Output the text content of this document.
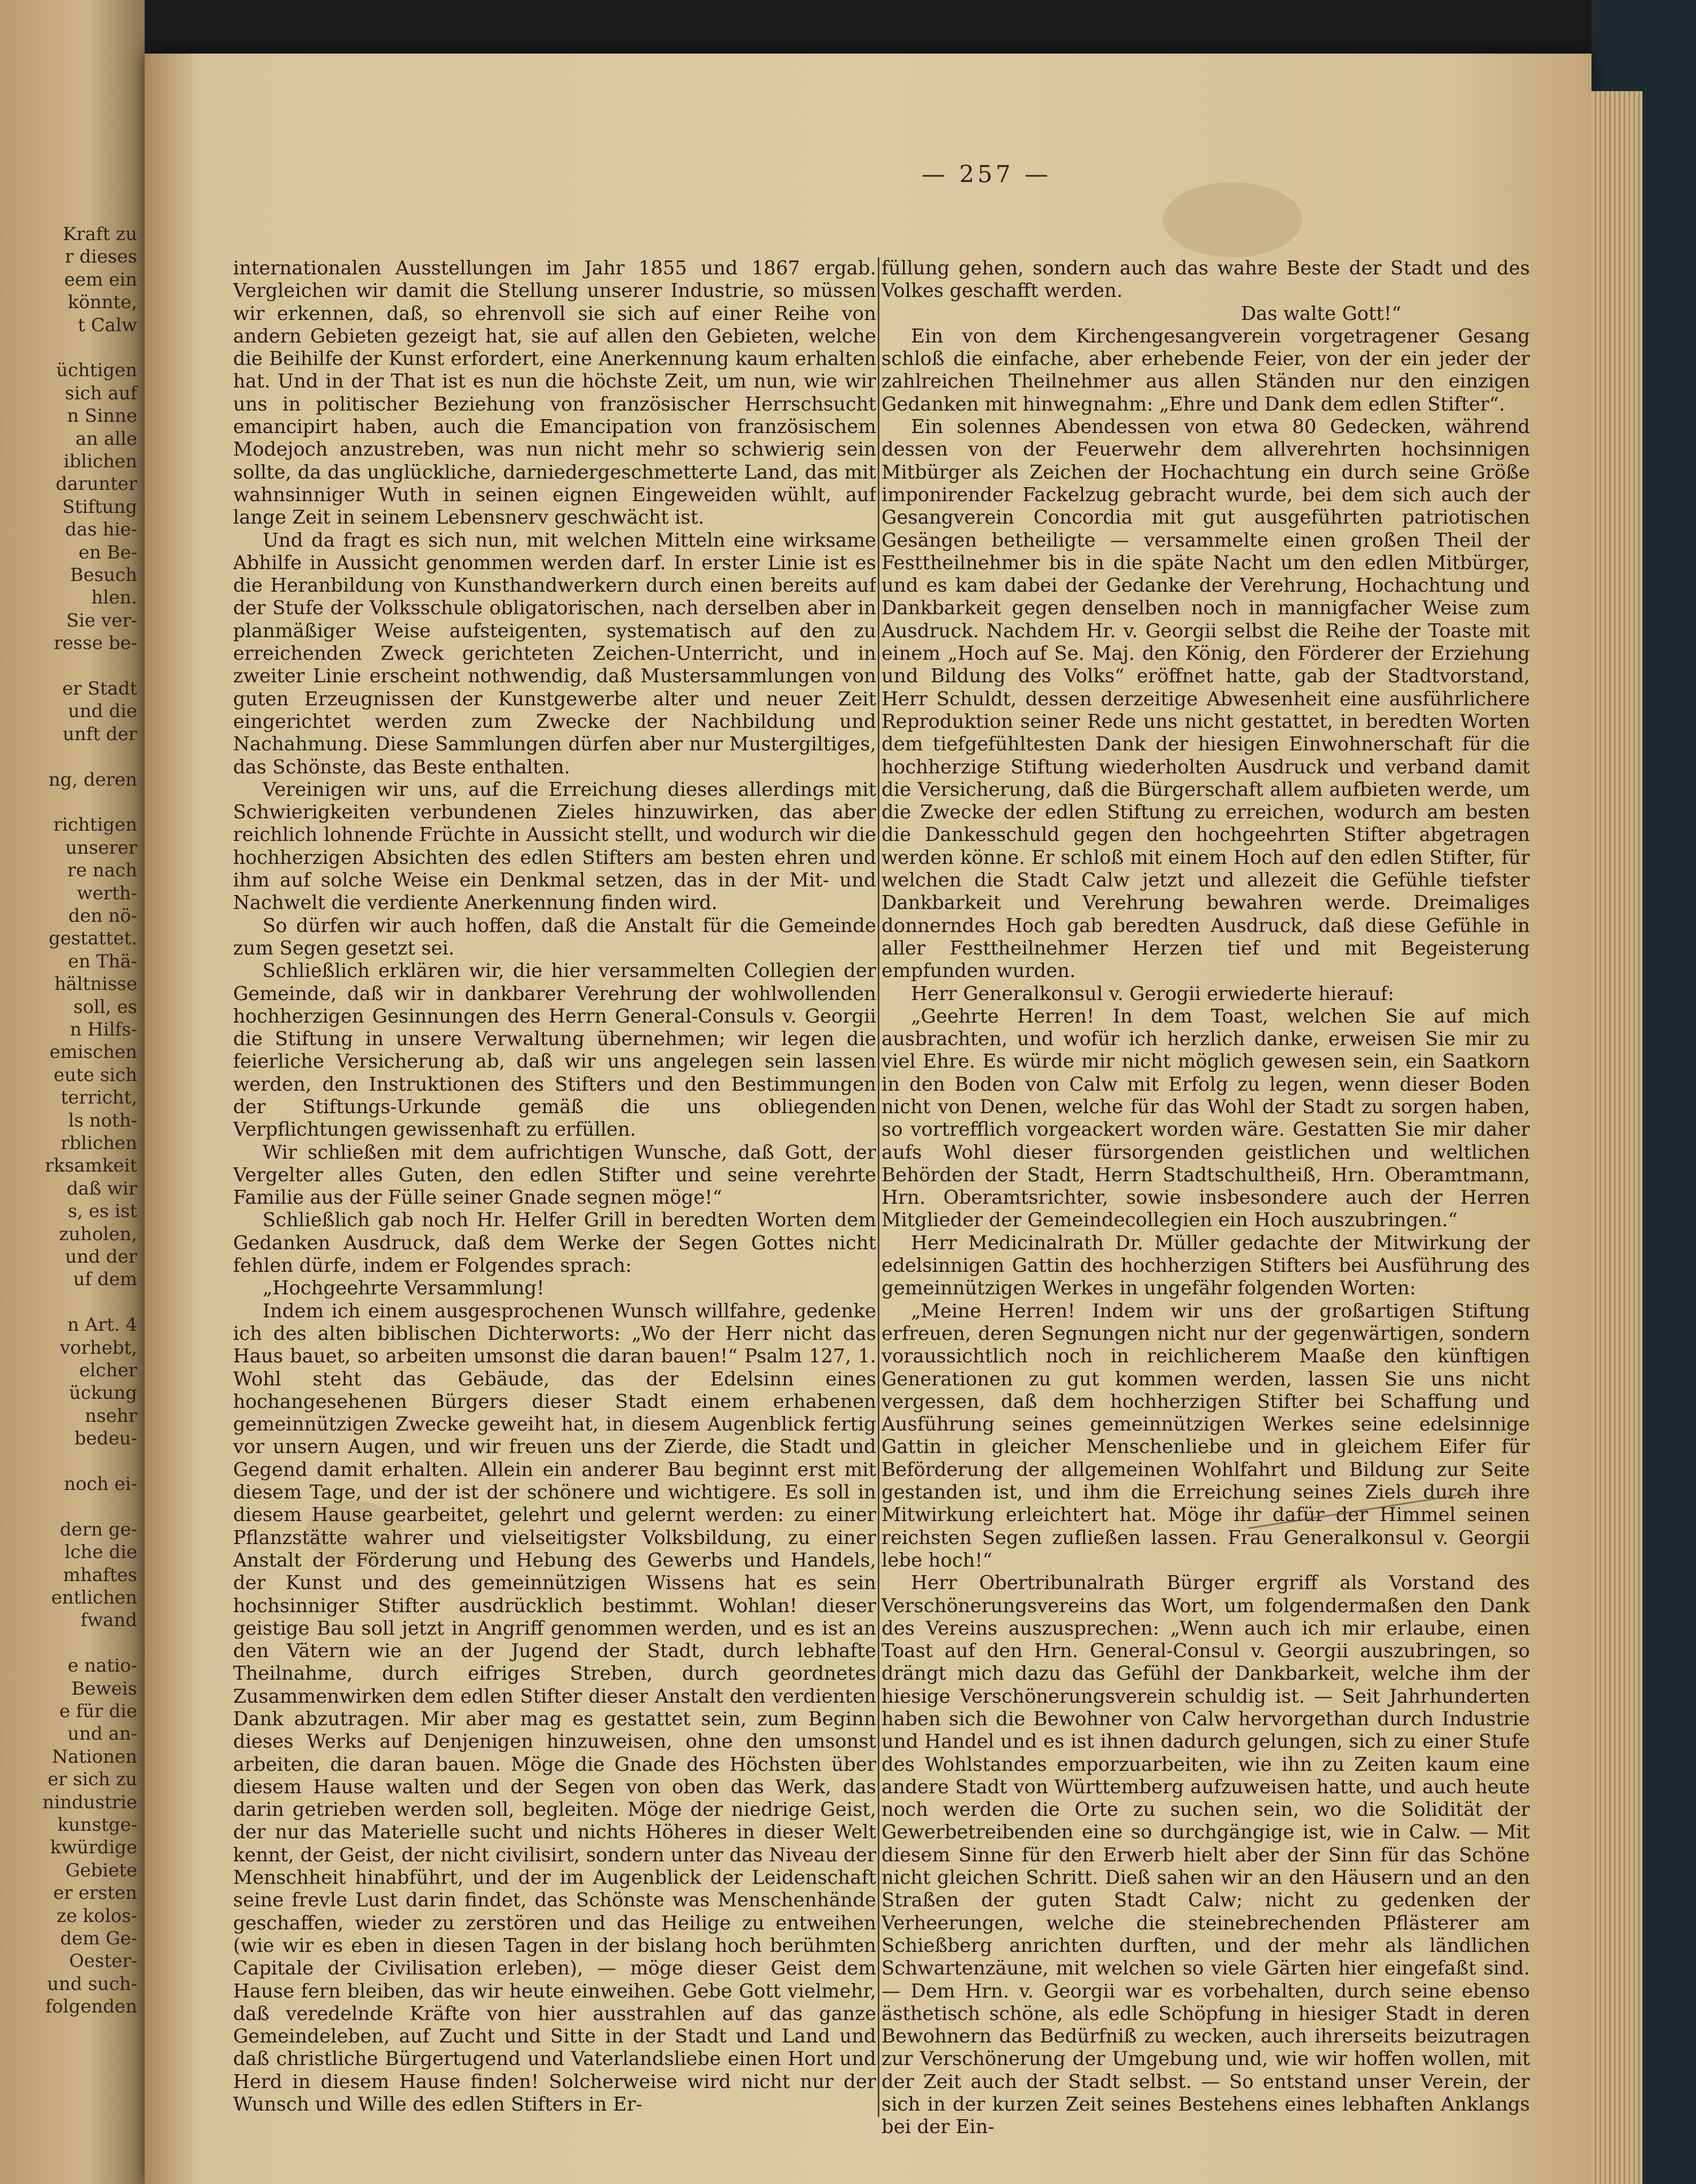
Kraft zu
r dieses
eem ein
könnte,
t Calw
üchtigen
sich auf
n Sinne
an alle
iblichen
darunter
Stiftung
das hie-
en Be-
Besuch
hlen.
Sie ver-
resse be-
er Stadt
und die
unft der
ng, deren
richtigen
unserer
re nach
werth-
den nö-
gestattet.
en Thä-
hältnisse
soll, es
n Hilfs-
emischen
eute sich
terricht,
ls noth-
rblichen
rksamkeit
daß wir
s, es ist
zuholen,
und der
uf dem
n Art. 4
vorhebt,
elcher
ückung
nsehr
bedeu-
noch ei-
dern ge-
lche die
mhaftes
entlichen
fwand
e natio-
Beweis
e für die
und an-
Nationen
er sich zu
nindustrie
kunstge-
kwürdige
Gebiete
er ersten
ze kolos-
dem Ge-
Oester-
und such-
folgenden
— 257 —

internationalen Ausstellungen im Jahr 1855 und 1867 ergab. Vergleichen wir damit die Stellung unserer Industrie, so müssen wir erkennen, daß, so ehrenvoll sie sich auf einer Reihe von andern Gebieten gezeigt hat, sie auf allen den Gebieten, welche die Beihilfe der Kunst erfordert, eine Anerkennung kaum erhalten hat. Und in der That ist es nun die höchste Zeit, um nun, wie wir uns in politischer Beziehung von französischer Herrschsucht emancipirt haben, auch die Emancipation von französischem Modejoch anzustreben, was nun nicht mehr so schwierig sein sollte, da das unglückliche, darniedergeschmetterte Land, das mit wahnsinniger Wuth in seinen eignen Eingeweiden wühlt, auf lange Zeit in seinem Lebensnerv geschwächt ist.

Und da fragt es sich nun, mit welchen Mitteln eine wirksame Abhilfe in Aussicht genommen werden darf. In erster Linie ist es die Heranbildung von Kunsthandwerkern durch einen bereits auf der Stufe der Volksschule obligatorischen, nach derselben aber in planmäßiger Weise aufsteigenten, systematisch auf den zu erreichenden Zweck gerichteten Zeichen-Unterricht, und in zweiter Linie erscheint nothwendig, daß Mustersammlungen von guten Erzeugnissen der Kunstgewerbe alter und neuer Zeit eingerichtet werden zum Zwecke der Nachbildung und Nachahmung. Diese Sammlungen dürfen aber nur Mustergiltiges, das Schönste, das Beste enthalten.

Vereinigen wir uns, auf die Erreichung dieses allerdings mit Schwierigkeiten verbundenen Zieles hinzuwirken, das aber reichlich lohnende Früchte in Aussicht stellt, und wodurch wir die hochherzigen Absichten des edlen Stifters am besten ehren und ihm auf solche Weise ein Denkmal setzen, das in der Mit- und Nachwelt die verdiente Anerkennung finden wird.

So dürfen wir auch hoffen, daß die Anstalt für die Gemeinde zum Segen gesetzt sei.

Schließlich erklären wir, die hier versammelten Collegien der Gemeinde, daß wir in dankbarer Verehrung der wohlwollenden hochherzigen Gesinnungen des Herrn General-Consuls v. Georgii die Stiftung in unsere Verwaltung übernehmen; wir legen die feierliche Versicherung ab, daß wir uns angelegen sein lassen werden, den Instruktionen des Stifters und den Bestimmungen der Stiftungs-Urkunde gemäß die uns obliegenden Verpflichtungen gewissenhaft zu erfüllen.

Wir schließen mit dem aufrichtigen Wunsche, daß Gott, der Vergelter alles Guten, den edlen Stifter und seine verehrte Familie aus der Fülle seiner Gnade segnen möge!“

Schließlich gab noch Hr. Helfer Grill in beredten Worten dem Gedanken Ausdruck, daß dem Werke der Segen Gottes nicht fehlen dürfe, indem er Folgendes sprach:

„Hochgeehrte Versammlung!

Indem ich einem ausgesprochenen Wunsch willfahre, gedenke ich des alten biblischen Dichterworts: „Wo der Herr nicht das Haus bauet, so arbeiten umsonst die daran bauen!“ Psalm 127, 1. Wohl steht das Gebäude, das der Edelsinn eines hochangesehenen Bürgers dieser Stadt einem erhabenen gemeinnützigen Zwecke geweiht hat, in diesem Augenblick fertig vor unsern Augen, und wir freuen uns der Zierde, die Stadt und Gegend damit erhalten. Allein ein anderer Bau beginnt erst mit diesem Tage, und der ist der schönere und wichtigere. Es soll in diesem Hause gearbeitet, gelehrt und gelernt werden: zu einer Pflanzstätte wahrer und vielseitigster Volksbildung, zu einer Anstalt der Förderung und Hebung des Gewerbs und Handels, der Kunst und des gemeinnützigen Wissens hat es sein hochsinniger Stifter ausdrücklich bestimmt. Wohlan! dieser geistige Bau soll jetzt in Angriff genommen werden, und es ist an den Vätern wie an der Jugend der Stadt, durch lebhafte Theilnahme, durch eifriges Streben, durch geordnetes Zusammenwirken dem edlen Stifter dieser Anstalt den verdienten Dank abzutragen. Mir aber mag es gestattet sein, zum Beginn dieses Werks auf Denjenigen hinzuweisen, ohne den umsonst arbeiten, die daran bauen. Möge die Gnade des Höchsten über diesem Hause walten und der Segen von oben das Werk, das darin getrieben werden soll, begleiten. Möge der niedrige Geist, der nur das Materielle sucht und nichts Höheres in dieser Welt kennt, der Geist, der nicht civilisirt, sondern unter das Niveau der Menschheit hinabführt, und der im Augenblick der Leidenschaft seine frevle Lust darin findet, das Schönste was Menschenhände geschaffen, wieder zu zerstören und das Heilige zu entweihen (wie wir es eben in diesen Tagen in der bislang hoch berühmten Capitale der Civilisation erleben), — möge dieser Geist dem Hause fern bleiben, das wir heute einweihen. Gebe Gott vielmehr, daß veredelnde Kräfte von hier ausstrahlen auf das ganze Gemeindeleben, auf Zucht und Sitte in der Stadt und Land und daß christliche Bürgertugend und Vaterlandsliebe einen Hort und Herd in diesem Hause finden! Solcherweise wird nicht nur der Wunsch und Wille des edlen Stifters in Er-

füllung gehen, sondern auch das wahre Beste der Stadt und des Volkes geschafft werden.

Das walte Gott!“

Ein von dem Kirchengesangverein vorgetragener Gesang schloß die einfache, aber erhebende Feier, von der ein jeder der zahlreichen Theilnehmer aus allen Ständen nur den einzigen Gedanken mit hinwegnahm: „Ehre und Dank dem edlen Stifter“.

Ein solennes Abendessen von etwa 80 Gedecken, während dessen von der Feuerwehr dem allverehrten hochsinnigen Mitbürger als Zeichen der Hochachtung ein durch seine Größe imponirender Fackelzug gebracht wurde, bei dem sich auch der Gesangverein Concordia mit gut ausgeführten patriotischen Gesängen betheiligte — versammelte einen großen Theil der Festtheilnehmer bis in die späte Nacht um den edlen Mitbürger, und es kam dabei der Gedanke der Verehrung, Hochachtung und Dankbarkeit gegen denselben noch in mannigfacher Weise zum Ausdruck. Nachdem Hr. v. Georgii selbst die Reihe der Toaste mit einem „Hoch auf Se. Maj. den König, den Förderer der Erziehung und Bildung des Volks“ eröffnet hatte, gab der Stadtvorstand, Herr Schuldt, dessen derzeitige Abwesenheit eine ausführlichere Reproduktion seiner Rede uns nicht gestattet, in beredten Worten dem tiefgefühltesten Dank der hiesigen Einwohnerschaft für die hochherzige Stiftung wiederholten Ausdruck und verband damit die Versicherung, daß die Bürgerschaft allem aufbieten werde, um die Zwecke der edlen Stiftung zu erreichen, wodurch am besten die Dankesschuld gegen den hochgeehrten Stifter abgetragen werden könne. Er schloß mit einem Hoch auf den edlen Stifter, für welchen die Stadt Calw jetzt und allezeit die Gefühle tiefster Dankbarkeit und Verehrung bewahren werde. Dreimaliges donnerndes Hoch gab beredten Ausdruck, daß diese Gefühle in aller Festtheilnehmer Herzen tief und mit Begeisterung empfunden wurden.

Herr Generalkonsul v. Gerogii erwiederte hierauf:

„Geehrte Herren! In dem Toast, welchen Sie auf mich ausbrachten, und wofür ich herzlich danke, erweisen Sie mir zu viel Ehre. Es würde mir nicht möglich gewesen sein, ein Saatkorn in den Boden von Calw mit Erfolg zu legen, wenn dieser Boden nicht von Denen, welche für das Wohl der Stadt zu sorgen haben, so vortrefflich vorgeackert worden wäre. Gestatten Sie mir daher aufs Wohl dieser fürsorgenden geistlichen und weltlichen Behörden der Stadt, Herrn Stadtschultheiß, Hrn. Oberamtmann, Hrn. Oberamtsrichter, sowie insbesondere auch der Herren Mitglieder der Gemeindecollegien ein Hoch auszubringen.“

Herr Medicinalrath Dr. Müller gedachte der Mitwirkung der edelsinnigen Gattin des hochherzigen Stifters bei Ausführung des gemeinnützigen Werkes in ungefähr folgenden Worten:

„Meine Herren! Indem wir uns der großartigen Stiftung erfreuen, deren Segnungen nicht nur der gegenwärtigen, sondern voraussichtlich noch in reichlicherem Maaße den künftigen Generationen zu gut kommen werden, lassen Sie uns nicht vergessen, daß dem hochherzigen Stifter bei Schaffung und Ausführung seines gemeinnützigen Werkes seine edelsinnige Gattin in gleicher Menschenliebe und in gleichem Eifer für Beförderung der allgemeinen Wohlfahrt und Bildung zur Seite gestanden ist, und ihm die Erreichung seines Ziels durch ihre Mitwirkung erleichtert hat. Möge ihr dafür der Himmel seinen reichsten Segen zufließen lassen. Frau Generalkonsul v. Georgii lebe hoch!“

Herr Obertribunalrath Bürger ergriff als Vorstand des Verschönerungsvereins das Wort, um folgendermaßen den Dank des Vereins auszusprechen: „Wenn auch ich mir erlaube, einen Toast auf den Hrn. General-Consul v. Georgii auszubringen, so drängt mich dazu das Gefühl der Dankbarkeit, welche ihm der hiesige Verschönerungsverein schuldig ist. — Seit Jahrhunderten haben sich die Bewohner von Calw hervorgethan durch Industrie und Handel und es ist ihnen dadurch gelungen, sich zu einer Stufe des Wohlstandes emporzuarbeiten, wie ihn zu Zeiten kaum eine andere Stadt von Württemberg aufzuweisen hatte, und auch heute noch werden die Orte zu suchen sein, wo die Solidität der Gewerbetreibenden eine so durchgängige ist, wie in Calw. — Mit diesem Sinne für den Erwerb hielt aber der Sinn für das Schöne nicht gleichen Schritt. Dieß sahen wir an den Häusern und an den Straßen der guten Stadt Calw; nicht zu gedenken der Verheerungen, welche die steinebrechenden Pflästerer am Schießberg anrichten durften, und der mehr als ländlichen Schwartenzäune, mit welchen so viele Gärten hier eingefaßt sind. — Dem Hrn. v. Georgii war es vorbehalten, durch seine ebenso ästhetisch schöne, als edle Schöpfung in hiesiger Stadt in deren Bewohnern das Bedürfniß zu wecken, auch ihrerseits beizutragen zur Verschönerung der Umgebung und, wie wir hoffen wollen, mit der Zeit auch der Stadt selbst. — So entstand unser Verein, der sich in der kurzen Zeit seines Bestehens eines lebhaften Anklangs bei der Ein-
